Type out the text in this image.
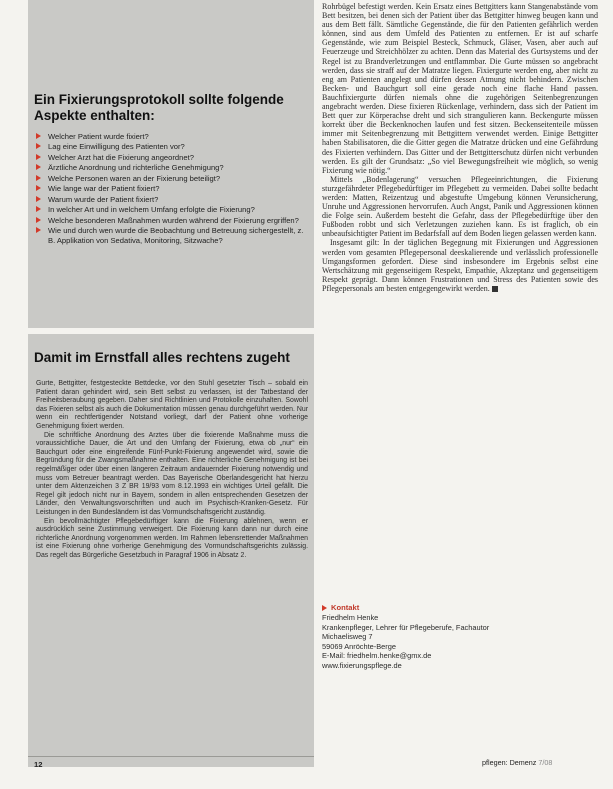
Ein Fixierungsprotokoll sollte folgende Aspekte enthalten:
Welcher Patient wurde fixiert?
Lag eine Einwilligung des Patienten vor?
Welcher Arzt hat die Fixierung angeordnet?
Ärztliche Anordnung und richterliche Genehmigung?
Welche Personen waren an der Fixierung beteiligt?
Wie lange war der Patient fixiert?
Warum wurde der Patient fixiert?
In welcher Art und in welchem Umfang erfolgte die Fixierung?
Welche besonderen Maßnahmen wurden während der Fixierung ergriffen?
Wie und durch wen wurde die Beobachtung und Betreuung sichergestellt, z. B. Applikation von Sedativa, Monitoring, Sitzwache?
Damit im Ernstfall alles rechtens zugeht

Gurte, Bettgitter, festgesteckte Bettdecke, vor den Stuhl gesetzter Tisch – sobald ein Patient daran gehindert wird, sein Bett selbst zu verlassen, ist der Tatbestand der Freiheitsberaubung gegeben. Daher sind Richtlinien und Protokolle einzuhalten. Sowohl das Fixieren selbst als auch die Dokumentation müssen genau durchgeführt werden. Nur wenn ein rechtfertigender Notstand vorliegt, darf der Patient ohne vorherige Genehmigung fixiert werden.

Die schriftliche Anordnung des Arztes über die fixierende Maßnahme muss die voraussichtliche Dauer, die Art und den Umfang der Fixierung, etwa ob „nur“ ein Bauchgurt oder eine eingreifende Fünf-Punkt-Fixierung angewendet wird, sowie die Begründung für die Zwangsmaßnahme enthalten. Eine richterliche Genehmigung ist bei regelmäßiger oder über einen längeren Zeitraum andauernder Fixierung notwendig und muss vom Betreuer beantragt werden. Das Bayerische Oberlandesgericht hat hierzu unter dem Aktenzeichen 3 Z BR 19/93 vom 8.12.1993 ein wichtiges Urteil gefällt. Die Regel gilt jedoch nicht nur in Bayern, sondern in allen entsprechenden Gesetzen der Länder, den Verwaltungsvorschriften und auch im Psychisch-Kranken-Gesetz. Für Leistungen in den Bundesländern ist das Vormundschaftsgericht zuständig.

Ein bevollmächtigter Pflegebedürftiger kann die Fixierung ablehnen, wenn er ausdrücklich seine Zustimmung verweigert. Die Fixierung kann dann nur durch eine richterliche Anordnung vorgenommen werden. Im Rahmen lebensrettender Maßnahmen ist eine Fixierung ohne vorherige Genehmigung des Vormundschaftsgerichts zulässig. Das regelt das Bürgerliche Gesetzbuch in Paragraf 1906 in Absatz 2.

Rohrbügel befestigt werden. Kein Ersatz eines Bettgitters kann Stangenabstände vom Bett besitzen, bei denen sich der Patient über das Bettgitter hinweg beugen kann und aus dem Bett fällt. Sämtliche Gegenstände, die für den Patienten gefährlich werden können, sind aus dem Umfeld des Patienten zu entfernen. Er ist auf scharfe Gegenstände, wie zum Beispiel Besteck, Schmuck, Gläser, Vasen, aber auch auf Feuerzeuge und Streichhölzer zu achten. Denn das Material des Gurtsystems und der Regel ist zu Brandverletzungen und entflammbar. Die Gurte müssen so angebracht werden, dass sie straff auf der Matratze liegen. Fixiergurte werden eng, aber nicht zu eng am Patienten angelegt und dürfen dessen Atmung nicht behindern. Zwischen Becken- und Bauchgurt soll eine gerade noch eine flache Hand passen. Bauchfixiergurte dürfen niemals ohne die zugehörigen Seitenbegrenzungen angebracht werden. Diese fixieren Rückenlage, verhindern, dass sich der Patient im Bett quer zur Körperachse dreht und sich strangulieren kann. Beckengurte müssen korrekt über die Beckenknochen laufen und fest sitzen. Beckenseitenteile müssen immer mit Seitenbegrenzung mit Bettgittern verwendet werden. Einige Bettgitter haben Stabilisatoren, die die Gitter gegen die Matratze drücken und eine Gefährdung des Fixierten verhindern. Das Gitter und der Bettgitterschutz dürfen nicht verbunden werden. Es gilt der Grundsatz: „So viel Bewegungsfreiheit wie möglich, so wenig Fixierung wie nötig.“

Mittels „Bodenlagerung“ versuchen Pflegeeinrichtungen, die Fixierung sturzgefährdeter Pflegebedürftiger im Pflegebett zu vermeiden. Dabei sollte bedacht werden: Matten, Reizentzug und abgestufte Umgebung können Verunsicherung, Unruhe und Aggressionen hervorrufen. Auch Angst, Panik und Aggressionen können die Folge sein. Außerdem besteht die Gefahr, dass der Pflegebedürftige über den Fußboden robbt und sich Verletzungen zuziehen kann. Es ist fraglich, ob ein unbeaufsichtigter Patient im Bedarfsfall auf dem Boden liegen gelassen werden kann.

Insgesamt gilt: In der täglichen Begegnung mit Fixierungen und Aggressionen werden vom gesamten Pflegepersonal deeskalierende und verlässlich professionelle Umgangsformen gefordert. Diese sind insbesondere im Ergebnis selbst eine Wertschätzung mit gegenseitigem Respekt, Empathie, Akzeptanz und gegenseitigem Respekt geprägt. Dann können Frustrationen und Stress des Patienten sowie des Pflegepersonals am besten entgegengewirkt werden.

Kontakt
Friedhelm Henke
Krankenpfleger, Lehrer für Pflegeberufe, Fachautor
Michaelisweg 7
59069 Anröchte-Berge
E-Mail: friedhelm.henke@gmx.de
www.fixierungspflege.de
12	pflegen: Demenz 7/08
